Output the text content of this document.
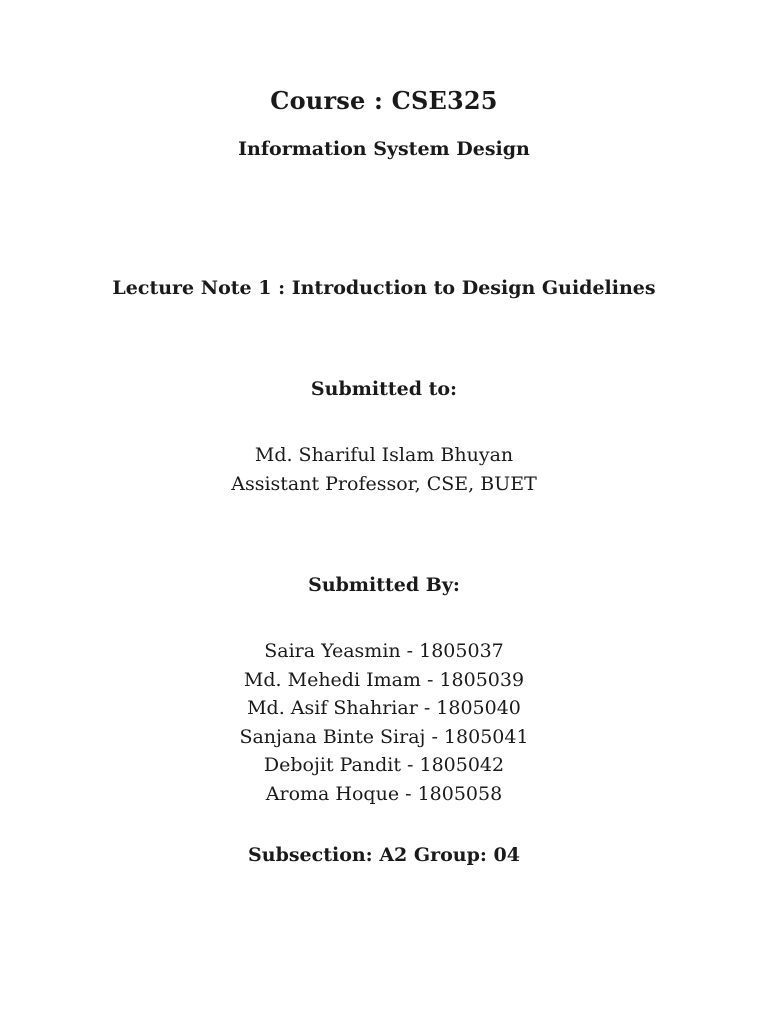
Course : CSE325
Information System Design
Lecture Note 1 : Introduction to Design Guidelines
Submitted to:
Md. Shariful Islam Bhuyan
Assistant Professor, CSE, BUET
Submitted By:
Saira Yeasmin - 1805037
Md. Mehedi Imam - 1805039
Md. Asif Shahriar - 1805040
Sanjana Binte Siraj - 1805041
Debojit Pandit - 1805042
Aroma Hoque - 1805058
Subsection: A2 Group: 04
